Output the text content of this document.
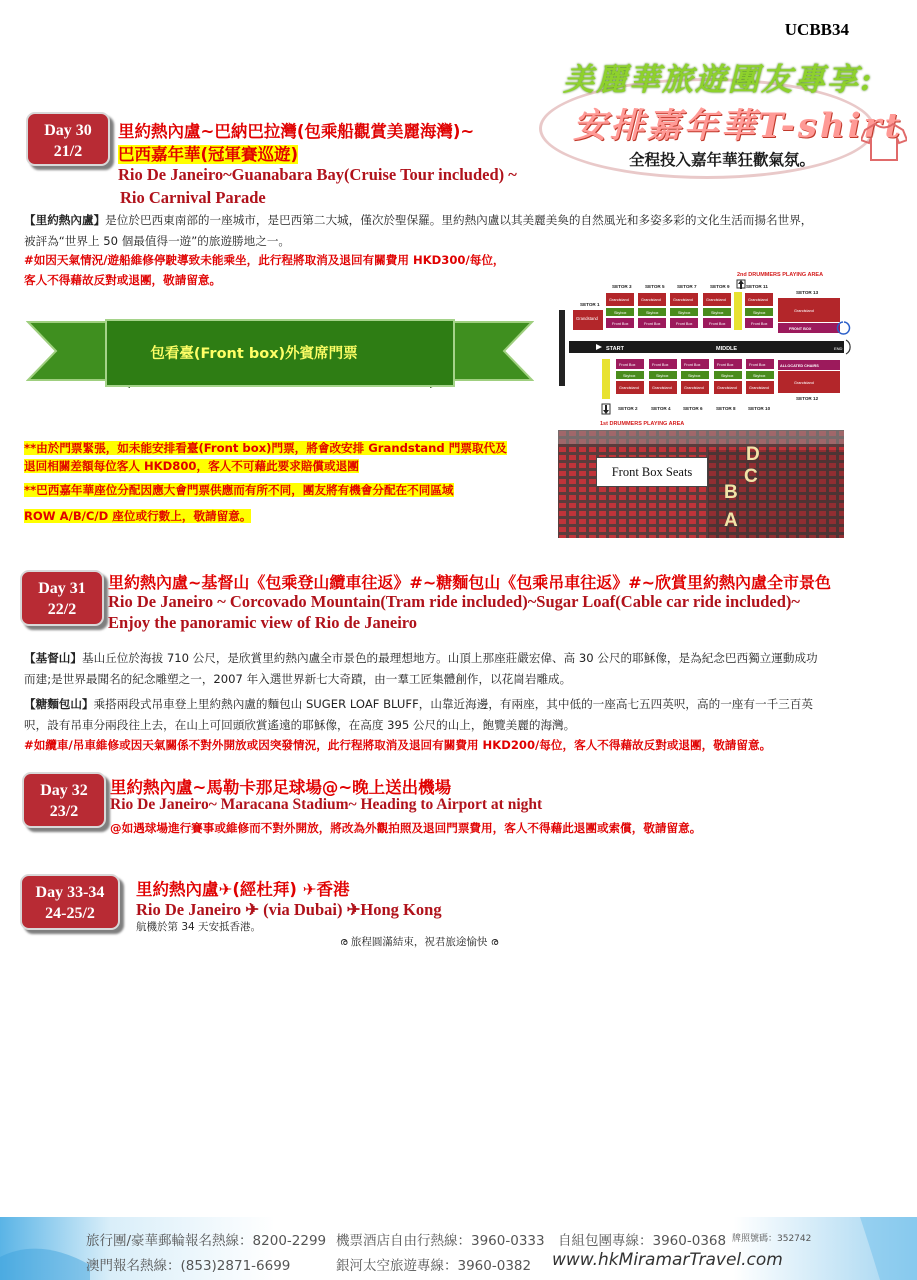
UCBB34
美麗華旅遊團友專享:
安排嘉年華T-shirt
全程投入嘉年華狂歡氣氛。
Day 30
21/2
里約熱內盧~巴納巴拉灣(包乘船觀賞美麗海灣)~
巴西嘉年華(冠軍賽巡遊)
Rio De Janeiro~Guanabara Bay(Cruise Tour included) ~
Rio Carnival Parade
【里約熱內盧】是位於巴西東南部的一座城市，是巴西第二大城，僅次於聖保羅。里約熱內盧以其美麗美奐的自然風光和多姿多彩的文化生活而揚名世界，
被評為“世界上 50 個最值得一遊”的旅遊勝地之一。
#如因天氣情況/遊船維修停駛導致未能乘坐，此行程將取消及退回有關費用 HKD300/每位，
客人不得藉故反對或退團，敬請留意。
包看臺(Front box)外賓席門票
**由於門票緊張，如未能安排看臺(Front box)門票，將會改安排 Grandstand 門票取代及
退回相關差額每位客人 HKD800，客人不可藉此要求賠償或退團
**巴西嘉年華座位分配因應大會門票供應而有所不同，團友將有機會分配在不同區域
ROW A/B/C/D 座位或行數上，敬請留意。
2nd DRUMMERS PLAYING AREA
SETOR 3	SETOR 5	SETOR 7	SETOR 9	SETOR 11
SETOR 1
SETOR 13
SETOR 12
Grandstand
Grandstand
Skybox
Front Box
Grandstand
Skybox
Front Box
Grandstand
Skybox
Front Box
Grandstand
Skybox
Front Box
Grandstand
Skybox
Front Box
Grandstand
FRONT BOX
START	MIDDLE	END
Front Box
Skybox
Grandstand
Front Box
Skybox
Grandstand
Front Box
Skybox
Grandstand
Front Box
Skybox
Grandstand
Front Box
Skybox
Grandstand
ALLOCATED CHAIRS
Grandstand
SETOR 2	SETOR 4	SETOR 6	SETOR 8	SETOR 10
1st DRUMMERS PLAYING AREA
Front Box Seats
D
C
B
A
Day 31
22/2
里約熱內盧~基督山《包乘登山纜車往返》#~糖麵包山《包乘吊車往返》#~欣賞里約熱內盧全市景色
Rio De Janeiro ~ Corcovado Mountain(Tram ride included)~Sugar Loaf(Cable car ride included)~
Enjoy the panoramic view of Rio de Janeiro
【基督山】基山丘位於海拔 710 公尺，是欣賞里約熱內盧全市景色的最理想地方。山頂上那座莊嚴宏偉、高 30 公尺的耶穌像，是為紀念巴西獨立運動成功
而建;是世界最聞名的紀念雕塑之一，2007 年入選世界新七大奇蹟，由一羣工匠集體創作，以花崗岩雕成。
【糖麵包山】乘搭兩段式吊車登上里約熱內盧的麵包山 SUGER LOAF BLUFF，山靠近海邊，有兩座，其中低的一座高七五四英呎，高的一座有一千三百英
呎，設有吊車分兩段往上去，在山上可回頭欣賞遙遠的耶穌像，在高度 395 公尺的山上，飽覽美麗的海灣。
#如纜車/吊車維修或因天氣關係不對外開放或因突發情況，此行程將取消及退回有關費用 HKD200/每位，客人不得藉故反對或退團，敬請留意。
Day 32
23/2
里約熱內盧~馬勒卡那足球場@~晚上送出機場
Rio De Janeiro~ Maracana Stadium~ Heading to Airport at night
@如遇球場進行賽事或維修而不對外開放，將改為外觀拍照及退回門票費用，客人不得藉此退團或索償，敬請留意。
Day 33-34
24-25/2
里約熱內盧✈(經杜拜) ✈香港
Rio De Janeiro ✈ (via Dubai) ✈Hong Kong
航機於第 34 天安抵香港。
ര 旅程圓滿結束，祝君旅途愉快 ര
旅行團/豪華郵輪報名熱線：8200-2299 機票酒店自由行熱線：3960-0333 自組包團專線：3960-0368 牌照號碼：352742
澳門報名熱線：(853)2871-6699	銀河太空旅遊專線：3960-0382 www.hkMiramarTravel.com
